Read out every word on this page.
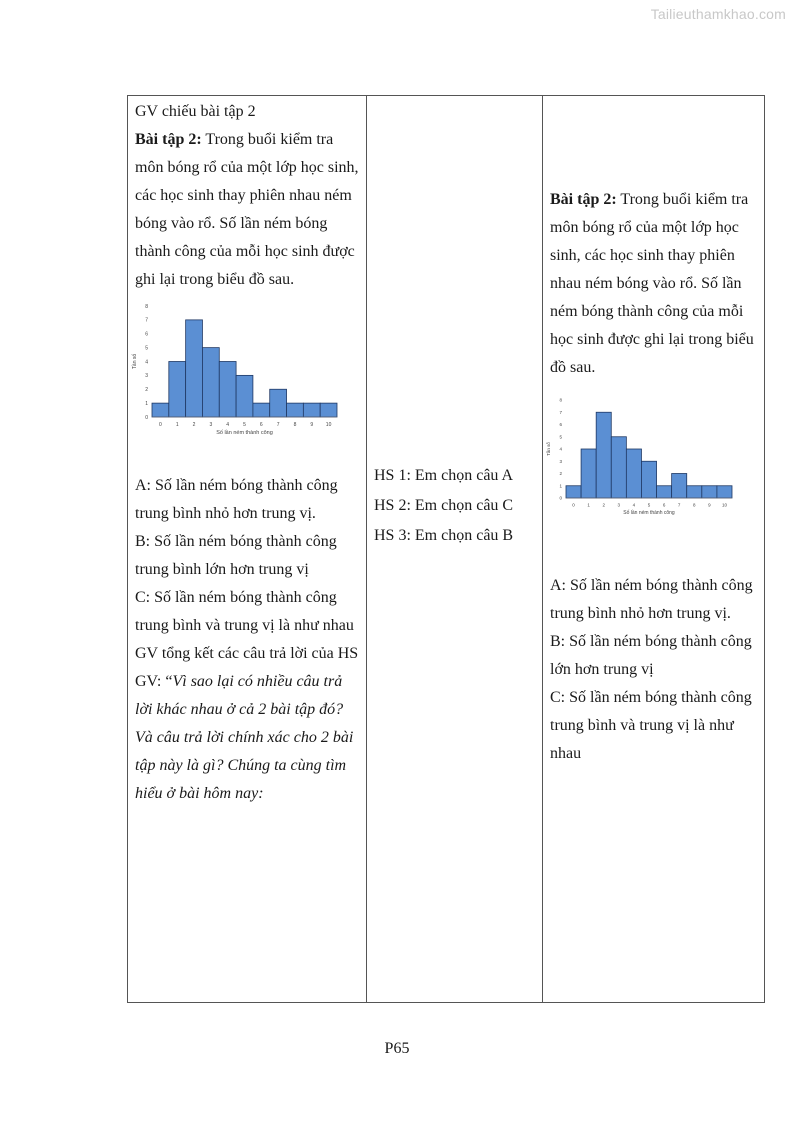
Tailieuthamkhao.com

GV chiếu bài tập 2

Bài tập 2: Trong buổi kiểm tra môn bóng rổ của một lớp học sinh, các học sinh thay phiên nhau ném bóng vào rổ. Số lần ném bóng thành công của mỗi học sinh được ghi lại trong biểu đồ sau.

0
1
2
3
4
5
6
7
8
0	1	2	3	4	5	6	7	8	9	10
Số lần ném thành công
Tần số

A: Số lần ném bóng thành công trung bình nhỏ hơn trung vị.

B: Số lần ném bóng thành công trung bình lớn hơn trung vị

C: Số lần ném bóng thành công trung bình và trung vị là như nhau

GV tổng kết các câu trả lời của HS

GV: “Vì sao lại có nhiều câu trả lời khác nhau ở cả 2 bài tập đó? Và câu trả lời chính xác cho 2 bài tập này là gì? Chúng ta cùng tìm hiểu ở bài hôm nay:

HS 1: Em chọn câu A

HS 2: Em chọn câu C

HS 3: Em chọn câu B

Bài tập 2: Trong buổi kiểm tra môn bóng rổ của một lớp học sinh, các học sinh thay phiên nhau ném bóng vào rổ. Số lần ném bóng thành công của mỗi học sinh được ghi lại trong biểu đồ sau.

0
1
2
3
4
5
6
7
8
0	1	2	3	4	5	6	7	8	9	10
Số lần ném thành công
Tần số

A: Số lần ném bóng thành công trung bình nhỏ hơn trung vị.

B: Số lần ném bóng thành công lớn hơn trung vị

C: Số lần ném bóng thành công trung bình và trung vị là như nhau

P65
